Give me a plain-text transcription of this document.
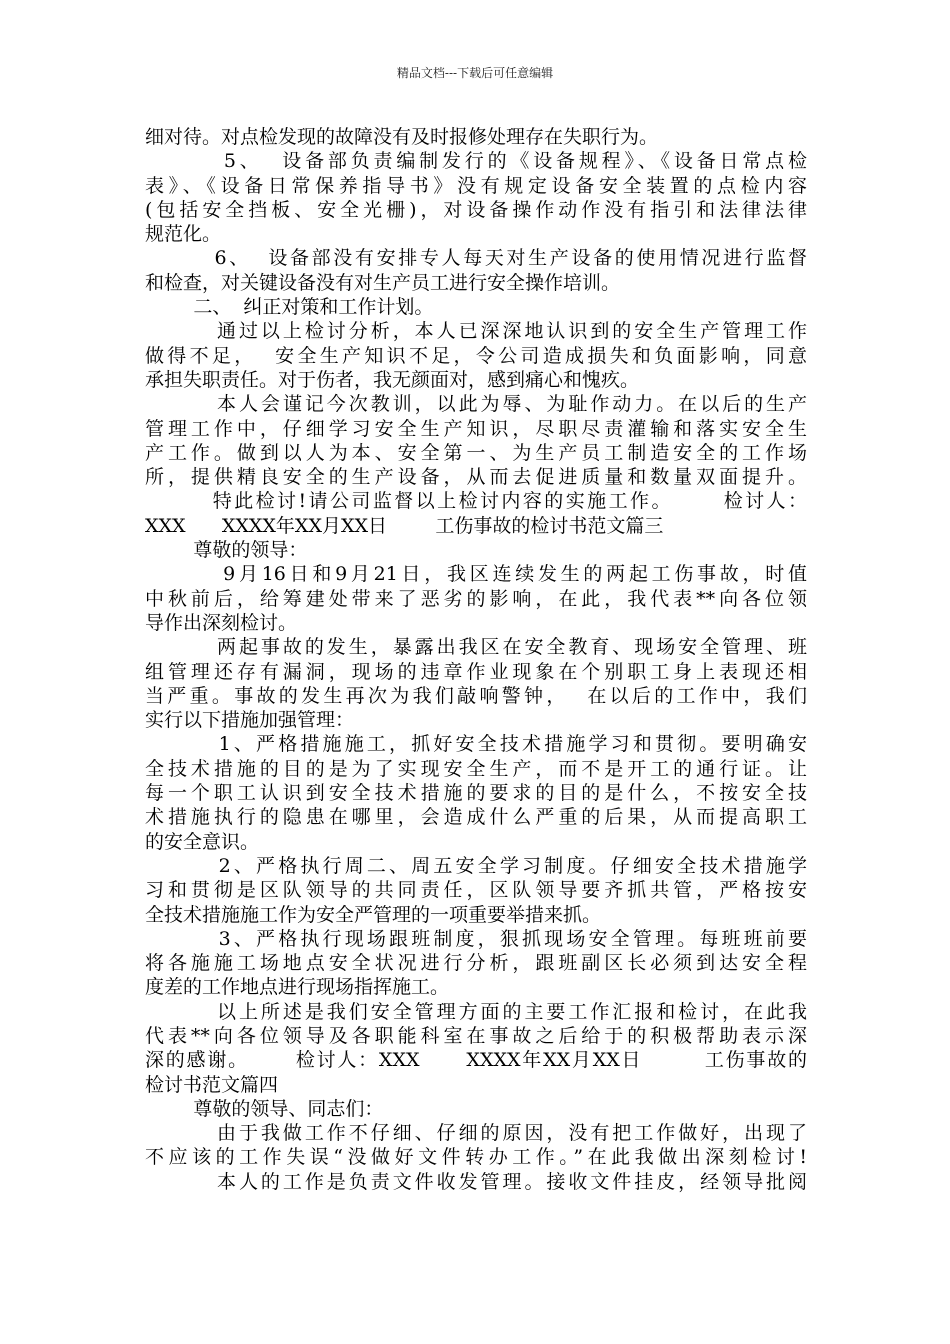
精品文档---下载后可任意编辑
细对待。对点检发现的故障没有及时报修处理存在失职行为。
5、  设备部负责编制发行的《设备规程》、《设备日常点检
表》、《设备日常保养指导书》没有规定设备安全装置的点检内容
(包括安全挡板、安全光栅)，对设备操作动作没有指引和法律法律
规范化。
6、  设备部没有安排专人每天对生产设备的使用情况进行监督
和检查，对关键设备没有对生产员工进行安全操作培训。
二、  纠正对策和工作计划。
通过以上检讨分析，本人已深深地认识到的安全生产管理工作
做得不足，  安全生产知识不足，令公司造成损失和负面影响，同意
承担失职责任。对于伤者，我无颜面对，感到痛心和愧疚。
本人会谨记今次教训，以此为辱、为耻作动力。在以后的生产
管理工作中，仔细学习安全生产知识，尽职尽责灌输和落实安全生
产工作。做到以人为本、安全第一、为生产员工制造安全的工作场
所，提供精良安全的生产设备，从而去促进质量和数量双面提升。
特此检讨!请公司监督以上检讨内容的实施工作。      检讨人：
XXX      XXXX年XX月XX日        工伤事故的检讨书范文篇三
尊敬的领导：
9月16日和9月21日，我区连续发生的两起工伤事故，时值
中秋前后，给筹建处带来了恶劣的影响，在此，我代表**向各位领
导作出深刻检讨。
两起事故的发生，暴露出我区在安全教育、现场安全管理、班
组管理还存有漏洞，现场的违章作业现象在个别职工身上表现还相
当严重。事故的发生再次为我们敲响警钟，  在以后的工作中，我们
实行以下措施加强管理：
1、严格措施施工，抓好安全技术措施学习和贯彻。要明确安
全技术措施的目的是为了实现安全生产，而不是开工的通行证。让
每一个职工认识到安全技术措施的要求的目的是什么，不按安全技
术措施执行的隐患在哪里，会造成什么严重的后果，从而提高职工
的安全意识。
2、严格执行周二、周五安全学习制度。仔细安全技术措施学
习和贯彻是区队领导的共同责任，区队领导要齐抓共管，严格按安
全技术措施施工作为安全严管理的一项重要举措来抓。
3、严格执行现场跟班制度，狠抓现场安全管理。每班班前要
将各施施工场地点安全状况进行分析，跟班副区长必须到达安全程
度差的工作地点进行现场指挥施工。
以上所述是我们安全管理方面的主要工作汇报和检讨，在此我
代表**向各位领导及各职能科室在事故之后给于的积极帮助表示深
深的感谢。      检讨人：XXX      XXXX年XX月XX日        工伤事故的
检讨书范文篇四
尊敬的领导、同志们：
由于我做工作不仔细、仔细的原因，没有把工作做好，出现了
不应该的工作失误“没做好文件转办工作。”在此我做出深刻检讨!
本人的工作是负责文件收发管理。接收文件挂皮，经领导批阅
